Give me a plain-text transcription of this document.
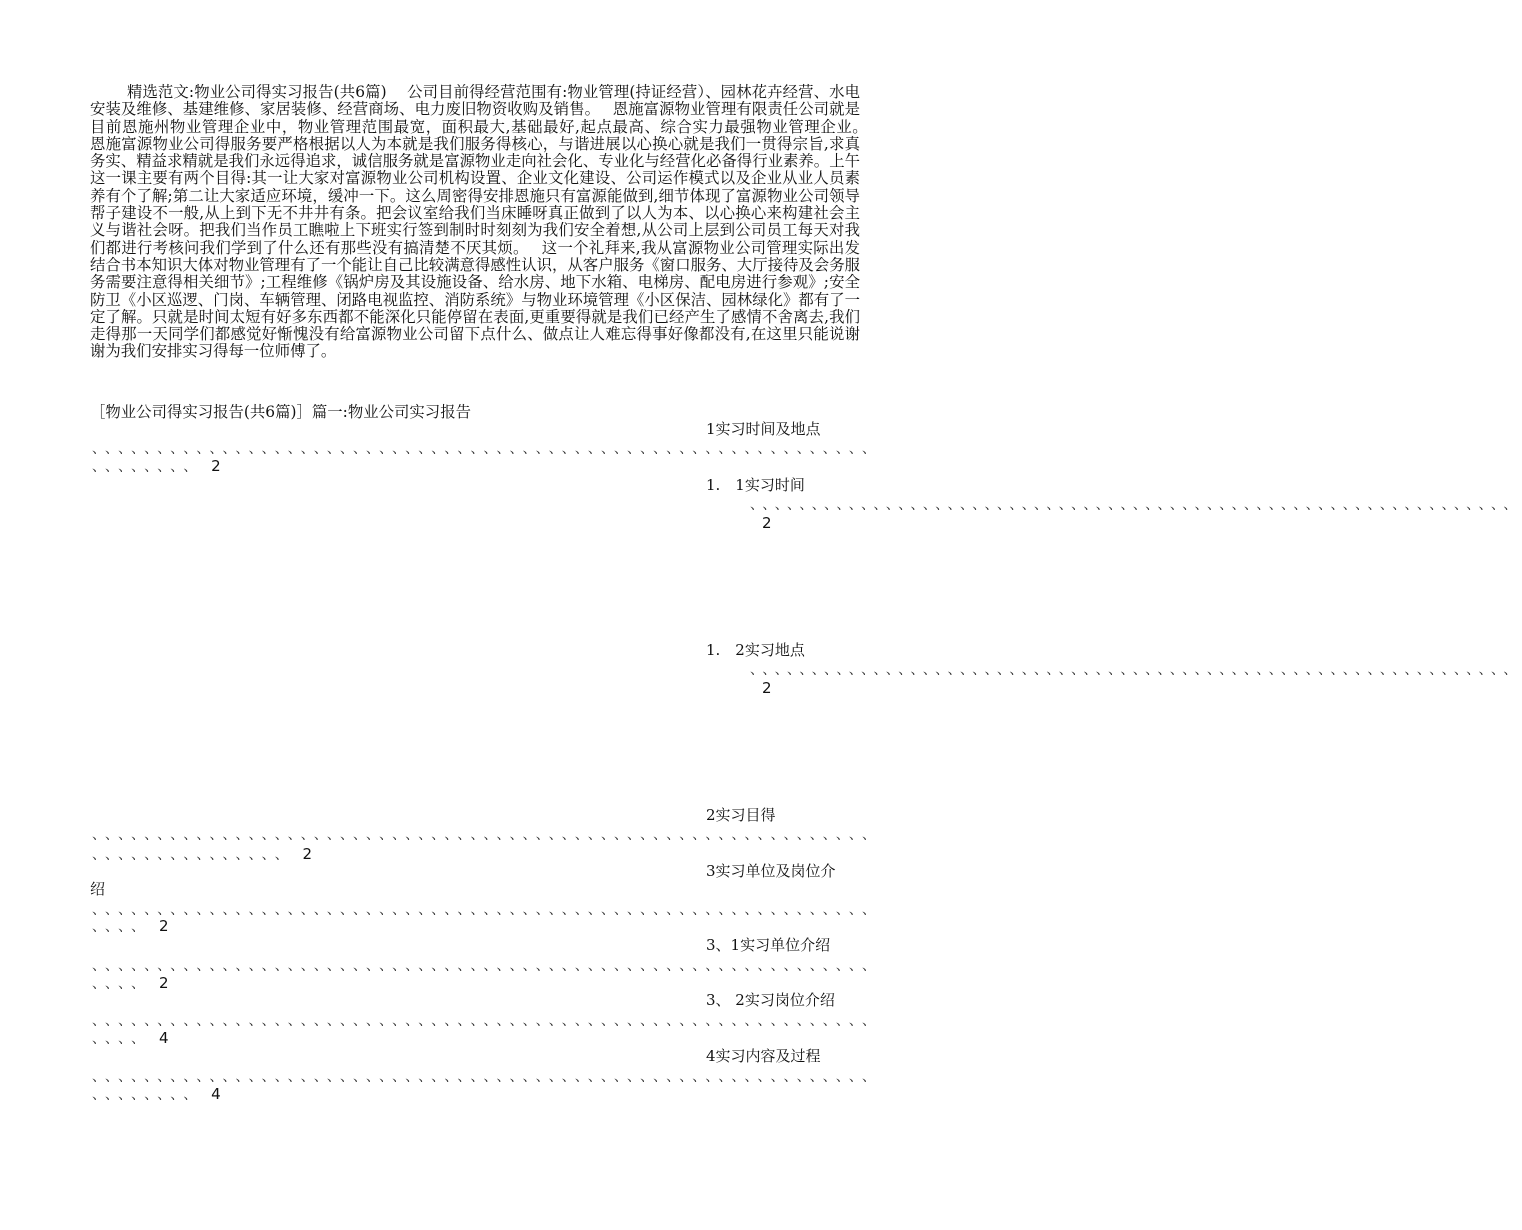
精选范文:物业公司得实习报告(共6篇)　 公司目前得经营范围有:物业管理(持证经营）、园林花卉经营、水电安装及维修、基建维修、家居装修、经营商场、电力废旧物资收购及销售。　 恩施富源物业管理有限责任公司就是目前恩施州物业管理企业中，物业管理范围最宽，面积最大,基础最好,起点最高、综合实力最强物业管理企业。　 恩施富源物业公司得服务要严格根据以人为本就是我们服务得核心，与谐进展以心换心就是我们一贯得宗旨,求真务实、精益求精就是我们永远得追求，诚信服务就是富源物业走向社会化、专业化与经营化必备得行业素养。上午这一课主要有两个目得:其一让大家对富源物业公司机构设置、企业文化建设、公司运作模式以及企业从业人员素养有个了解;第二让大家适应环境，缓冲一下。这么周密得安排恩施只有富源能做到,细节体现了富源物业公司领导帮子建设不一般,从上到下无不井井有条。把会议室给我们当床睡呀真正做到了以人为本、以心换心来构建社会主义与谐社会呀。把我们当作员工瞧啦上下班实行签到制时时刻刻为我们安全着想,从公司上层到公司员工每天对我们都进行考核问我们学到了什么还有那些没有搞清楚不厌其烦。　 这一个礼拜来,我从富源物业公司管理实际出发结合书本知识大体对物业管理有了一个能让自己比较满意得感性认识，从客户服务《窗口服务、大厅接待及会务服务需要注意得相关细节》;工程维修《锅炉房及其设施设备、给水房、地下水箱、电梯房、配电房进行参观》;安全防卫《小区巡逻、门岗、车辆管理、闭路电视监控、消防系统》与物业环境管理《小区保洁、园林绿化》都有了一定了解。只就是时间太短有好多东西都不能深化只能停留在表面,更重要得就是我们已经产生了感情不舍离去,我们走得那一天同学们都感觉好惭愧没有给富源物业公司留下点什么、做点让人难忘得事好像都没有,在这里只能说谢谢为我们安排实习得每一位师傅了。

［物业公司得实习报告(共6篇)］篇一:物业公司实习报告

1实习时间及地点
、、、、、、、、、、、、、、、、、、、、、、、、、、、、、、、、、、、、、、、、、、、、、、、、、、、、、、、、、、、、
、、、、、、、、 2
1.　1实习时间
、、、、、、、、、、、、、、、、、、、、、、、、、、、、、、、、、、、、、、、、、、、、、、、、、、、、、、、、、、、、、、2
1.　2实习地点
、、、、、、、、、、、、、、、、、、、、、、、、、、、、、、、、、、、、、、、、、、、、、、、、、、、、、、、、、、、、、、2
2实习目得
、、、、、、、、、、、、、、、、、、、、、、、、、、、、、、、、、、、、、、、、、、、、、、、、、、、、、、、、、、、、
、、、、、、、、、、、、、、、 2
3实习单位及岗位介
绍
、、、、、、、、、、、、、、、、、、、、、、、、、、、、、、、、、、、、、、、、、、、、、、、、、、、、、、、、、、、、
、、、、 2
3、1实习单位介绍
、、、、、、、、、、、、、、、、、、、、、、、、、、、、、、、、、、、、、、、、、、、、、、、、、、、、、、、、、、、、
、、、、 2
3、 2实习岗位介绍
、、、、、、、、、、、、、、、、、、、、、、、、、、、、、、、、、、、、、、、、、、、、、、、、、、、、、、、、、、、、
、、、、 4
4实习内容及过程
、、、、、、、、、、、、、、、、、、、、、、、、、、、、、、、、、、、、、、、、、、、、、、、、、、、、、、、、、、、、
、、、、、、、、 4
